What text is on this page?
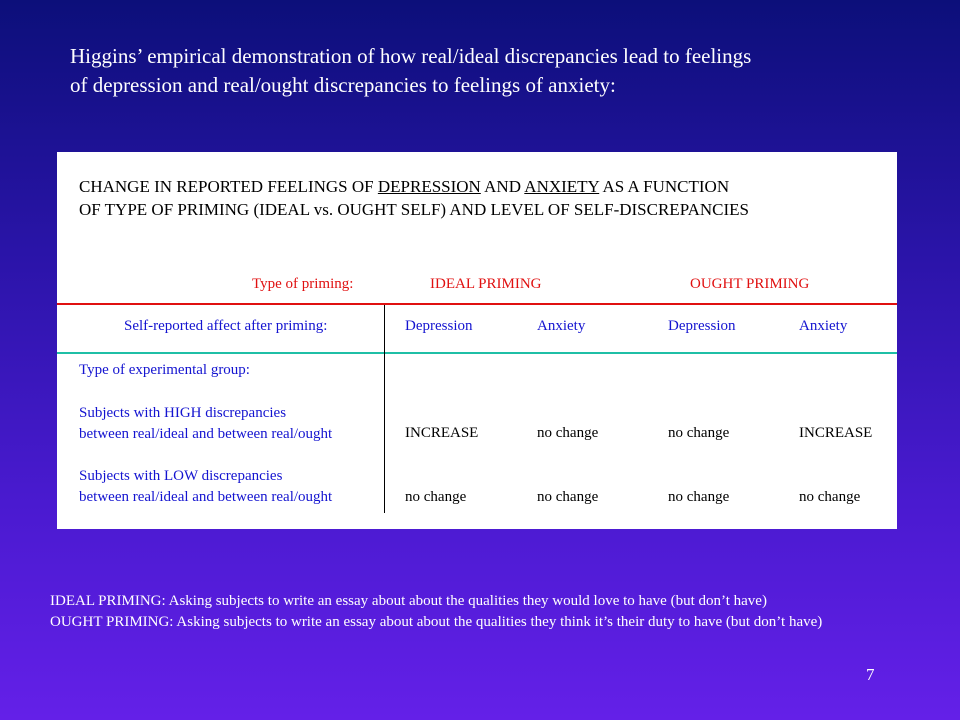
Higgins’ empirical demonstration of how real/ideal discrepancies lead to feelings
of depression and real/ought discrepancies to feelings of anxiety:
CHANGE IN REPORTED FEELINGS OF DEPRESSION AND ANXIETY AS A FUNCTION
OF TYPE OF PRIMING (IDEAL vs. OUGHT SELF) AND LEVEL OF SELF-DISCREPANCIES
Type of priming:	IDEAL PRIMING	OUGHT PRIMING
Self-reported affect after priming:	Depression	Anxiety	Depression	Anxiety
Type of experimental group:
Subjects with HIGH discrepancies
between real/ideal and between real/ought	INCREASE	no change	no change	INCREASE
Subjects with LOW discrepancies
between real/ideal and between real/ought	no change	no change	no change	no change
IDEAL PRIMING: Asking subjects to write an essay about about the qualities they would love to have (but don’t have)
OUGHT PRIMING: Asking subjects to write an essay about about the qualities they think it’s their duty to have (but don’t have)
7
